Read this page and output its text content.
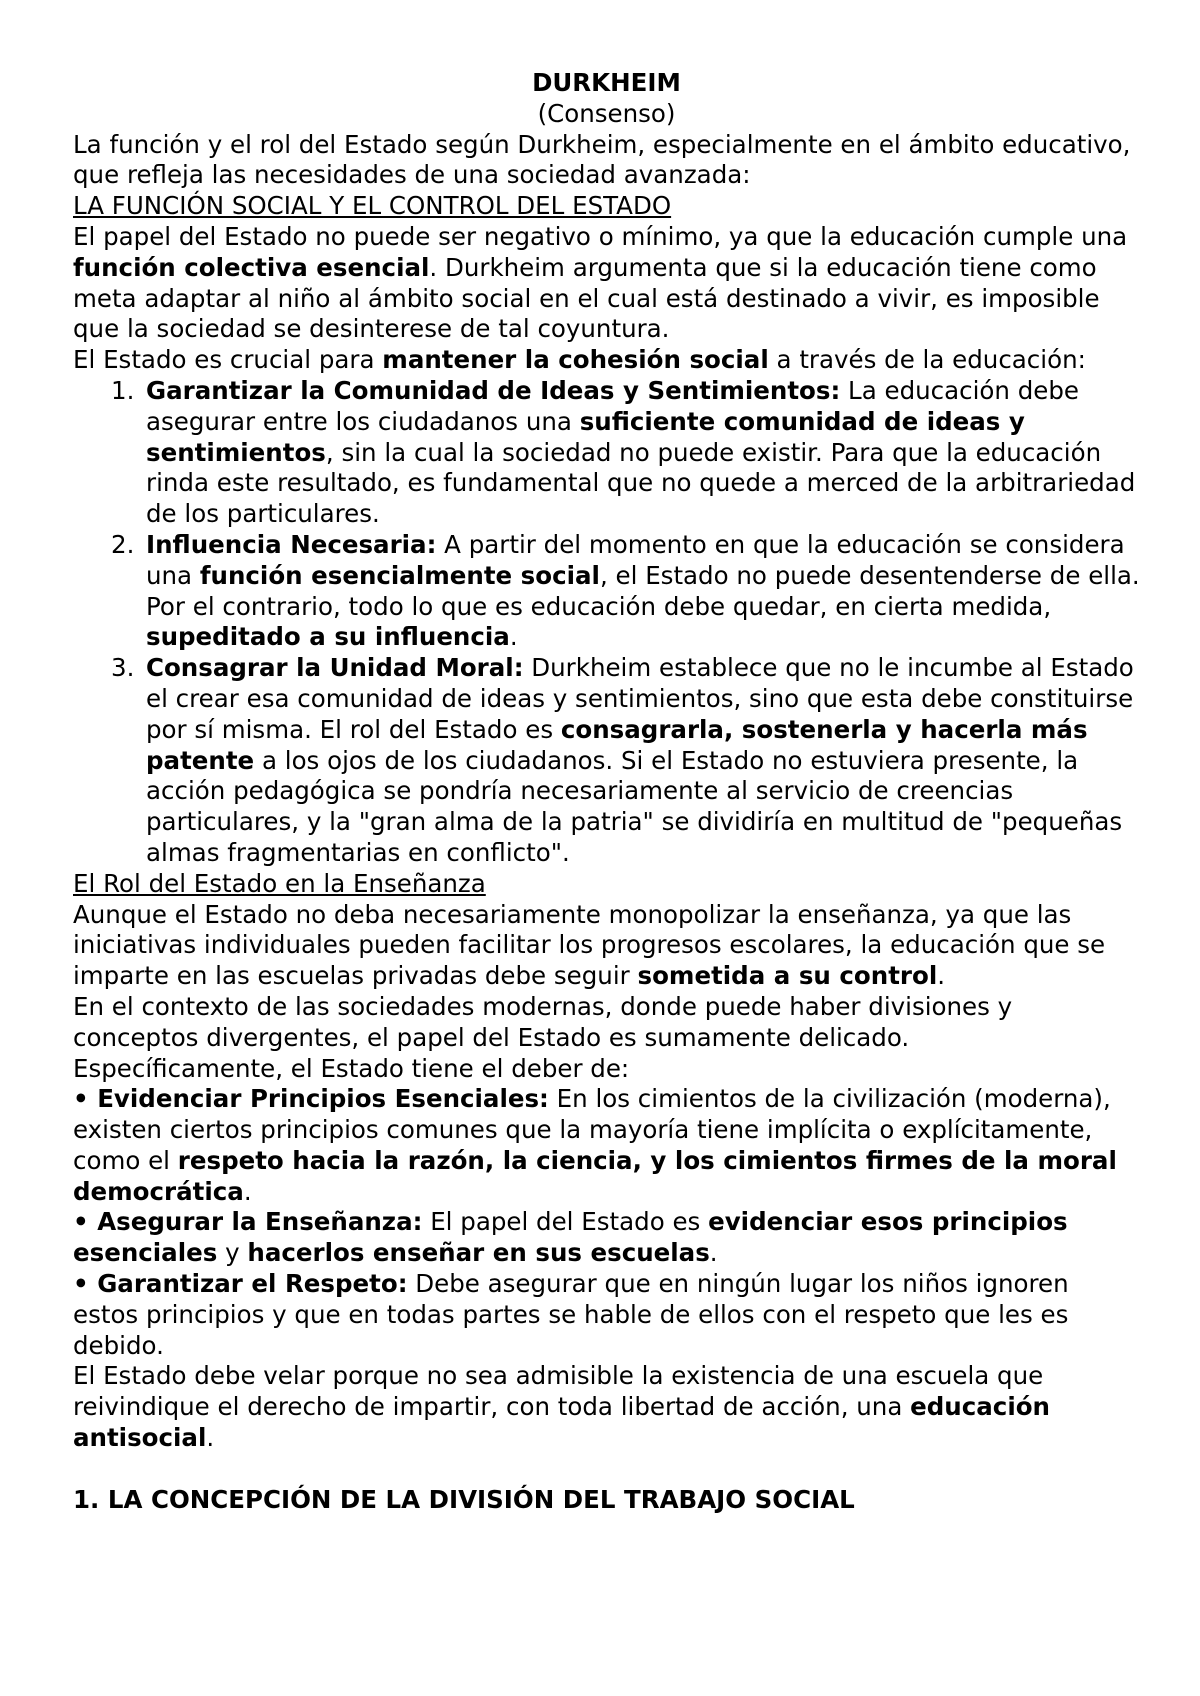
DURKHEIM
(Consenso)
La función y el rol del Estado según Durkheim, especialmente en el ámbito educativo, que refleja las necesidades de una sociedad avanzada:
LA FUNCIÓN SOCIAL Y EL CONTROL DEL ESTADO
El papel del Estado no puede ser negativo o mínimo, ya que la educación cumple una función colectiva esencial. Durkheim argumenta que si la educación tiene como meta adaptar al niño al ámbito social en el cual está destinado a vivir, es imposible que la sociedad se desinterese de tal coyuntura.
El Estado es crucial para mantener la cohesión social a través de la educación:
Garantizar la Comunidad de Ideas y Sentimientos: La educación debe asegurar entre los ciudadanos una suficiente comunidad de ideas y sentimientos, sin la cual la sociedad no puede existir. Para que la educación rinda este resultado, es fundamental que no quede a merced de la arbitrariedad de los particulares.
Influencia Necesaria: A partir del momento en que la educación se considera una función esencialmente social, el Estado no puede desentenderse de ella. Por el contrario, todo lo que es educación debe quedar, en cierta medida, supeditado a su influencia.
Consagrar la Unidad Moral: Durkheim establece que no le incumbe al Estado el crear esa comunidad de ideas y sentimientos, sino que esta debe constituirse por sí misma. El rol del Estado es consagrarla, sostenerla y hacerla más patente a los ojos de los ciudadanos. Si el Estado no estuviera presente, la acción pedagógica se pondría necesariamente al servicio de creencias particulares, y la "gran alma de la patria" se dividiría en multitud de "pequeñas almas fragmentarias en conflicto".
El Rol del Estado en la Enseñanza
Aunque el Estado no deba necesariamente monopolizar la enseñanza, ya que las iniciativas individuales pueden facilitar los progresos escolares, la educación que se imparte en las escuelas privadas debe seguir sometida a su control.
En el contexto de las sociedades modernas, donde puede haber divisiones y conceptos divergentes, el papel del Estado es sumamente delicado.
Específicamente, el Estado tiene el deber de:
• Evidenciar Principios Esenciales: En los cimientos de la civilización (moderna), existen ciertos principios comunes que la mayoría tiene implícita o explícitamente, como el respeto hacia la razón, la ciencia, y los cimientos firmes de la moral democrática.
• Asegurar la Enseñanza: El papel del Estado es evidenciar esos principios esenciales y hacerlos enseñar en sus escuelas.
• Garantizar el Respeto: Debe asegurar que en ningún lugar los niños ignoren estos principios y que en todas partes se hable de ellos con el respeto que les es debido.
El Estado debe velar porque no sea admisible la existencia de una escuela que reivindique el derecho de impartir, con toda libertad de acción, una educación antisocial.
1. LA CONCEPCIÓN DE LA DIVISIÓN DEL TRABAJO SOCIAL
